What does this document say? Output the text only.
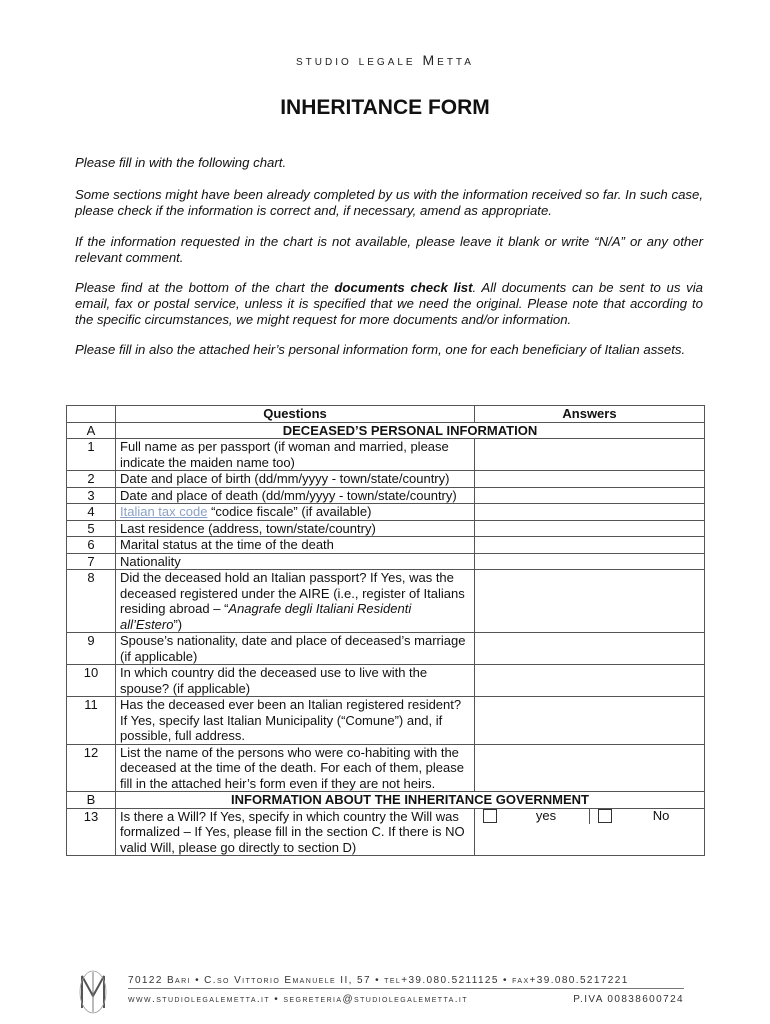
studio legale Metta
INHERITANCE FORM

Please fill in with the following chart.

Some sections might have been already completed by us with the information received so far. In such case, please check if the information is correct and, if necessary, amend as appropriate.

If the information requested in the chart is not available, please leave it blank or write “N/A” or any other relevant comment.

Please find at the bottom of the chart the documents check list. All documents can be sent to us via email, fax or postal service, unless it is specified that we need the original. Please note that according to the specific circumstances, we might request for more documents and/or information.

Please fill in also the attached heir’s personal information form, one for each beneficiary of Italian assets.

	Questions	Answers
A	DECEASED’S PERSONAL INFORMATION	
1	Full name as per passport (if woman and married, please indicate the maiden name too)	
2	Date and place of birth (dd/mm/yyyy - town/state/country)	
3	Date and place of death (dd/mm/yyyy - town/state/country)	
4	Italian tax code “codice fiscale” (if available)	
5	Last residence (address, town/state/country)	
6	Marital status at the time of the death	
7	Nationality	
8	Did the deceased hold an Italian passport? If Yes, was the deceased registered under the AIRE (i.e., register of Italians residing abroad – “Anagrafe degli Italiani Residenti all’Estero”)	
9	Spouse’s nationality, date and place of deceased’s marriage (if applicable)	
10	In which country did the deceased use to live with the spouse? (if applicable)	
11	Has the deceased ever been an Italian registered resident? If Yes, specify last Italian Municipality (“Comune”) and, if possible, full address.	
12	List the name of the persons who were co-habiting with the deceased at the time of the death. For each of them, please fill in the attached heir’s form even if they are not heirs.	
B	INFORMATION ABOUT THE INHERITANCE GOVERNMENT	
13	Is there a Will? If Yes, specify in which country the Will was formalized – If Yes, please fill in the section C. If there is NO valid Will, please go directly to section D)	yes No
70122 Bari • C.so Vittorio Emanuele II, 57 • tel+39.080.5211125 • fax+39.080.5217221
www.studiolegalemetta.it • segreteria@studiolegalemetta.it	P.IVA 00838600724
